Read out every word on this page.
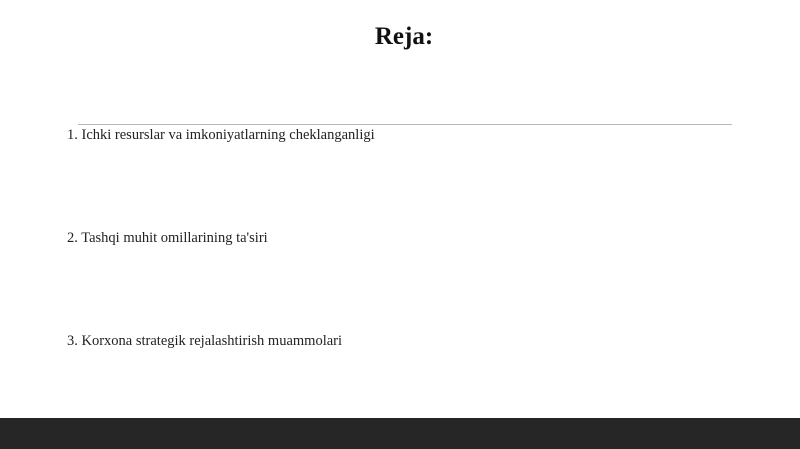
Reja:
1. Ichki resurslar va imkoniyatlarning cheklanganligi
2. Tashqi muhit omillarining ta'siri
3. Korxona strategik rejalashtirish muammolari
